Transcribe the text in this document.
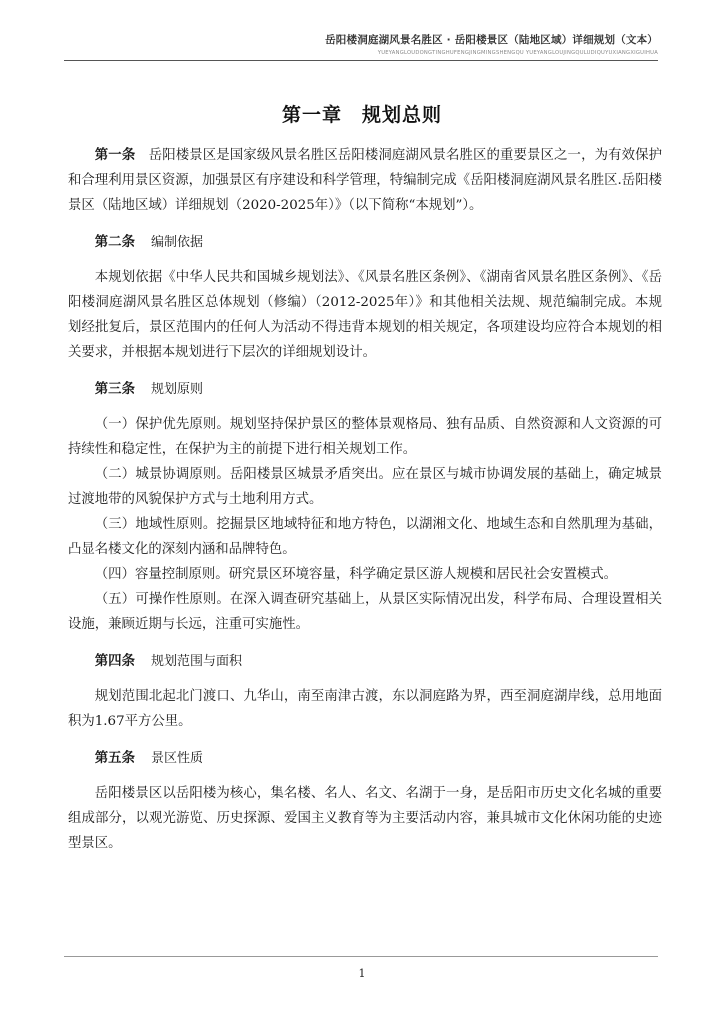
岳阳楼洞庭湖风景名胜区 · 岳阳楼景区（陆地区域）详细规划（文本）
YUEYANGLOUDONGTINGHUFENGJINGMINGSHENGQU YUEYANGLOUJINGQULUDIQUYUXIANGXIGUIHUA
第一章　规划总则

第一条 岳阳楼景区是国家级风景名胜区岳阳楼洞庭湖风景名胜区的重要景区之一，为有效保护和合理利用景区资源，加强景区有序建设和科学管理，特编制完成《岳阳楼洞庭湖风景名胜区.岳阳楼景区（陆地区域）详细规划（2020-2025年）》（以下简称“本规划”）。

第二条 编制依据

本规划依据《中华人民共和国城乡规划法》、《风景名胜区条例》、《湖南省风景名胜区条例》、《岳阳楼洞庭湖风景名胜区总体规划（修编）（2012-2025年）》和其他相关法规、规范编制完成。本规划经批复后，景区范围内的任何人为活动不得违背本规划的相关规定，各项建设均应符合本规划的相关要求，并根据本规划进行下层次的详细规划设计。

第三条 规划原则

（一）保护优先原则。规划坚持保护景区的整体景观格局、独有品质、自然资源和人文资源的可持续性和稳定性，在保护为主的前提下进行相关规划工作。

（二）城景协调原则。岳阳楼景区城景矛盾突出。应在景区与城市协调发展的基础上，确定城景过渡地带的风貌保护方式与土地利用方式。

（三）地域性原则。挖掘景区地域特征和地方特色，以湖湘文化、地域生态和自然肌理为基础，凸显名楼文化的深刻内涵和品牌特色。

（四）容量控制原则。研究景区环境容量，科学确定景区游人规模和居民社会安置模式。

（五）可操作性原则。在深入调查研究基础上，从景区实际情况出发，科学布局、合理设置相关设施，兼顾近期与长远，注重可实施性。

第四条 规划范围与面积

规划范围北起北门渡口、九华山，南至南津古渡，东以洞庭路为界，西至洞庭湖岸线，总用地面积为1.67平方公里。

第五条 景区性质

岳阳楼景区以岳阳楼为核心，集名楼、名人、名文、名湖于一身，是岳阳市历史文化名城的重要组成部分，以观光游览、历史探源、爱国主义教育等为主要活动内容，兼具城市文化休闲功能的史迹型景区。

1
